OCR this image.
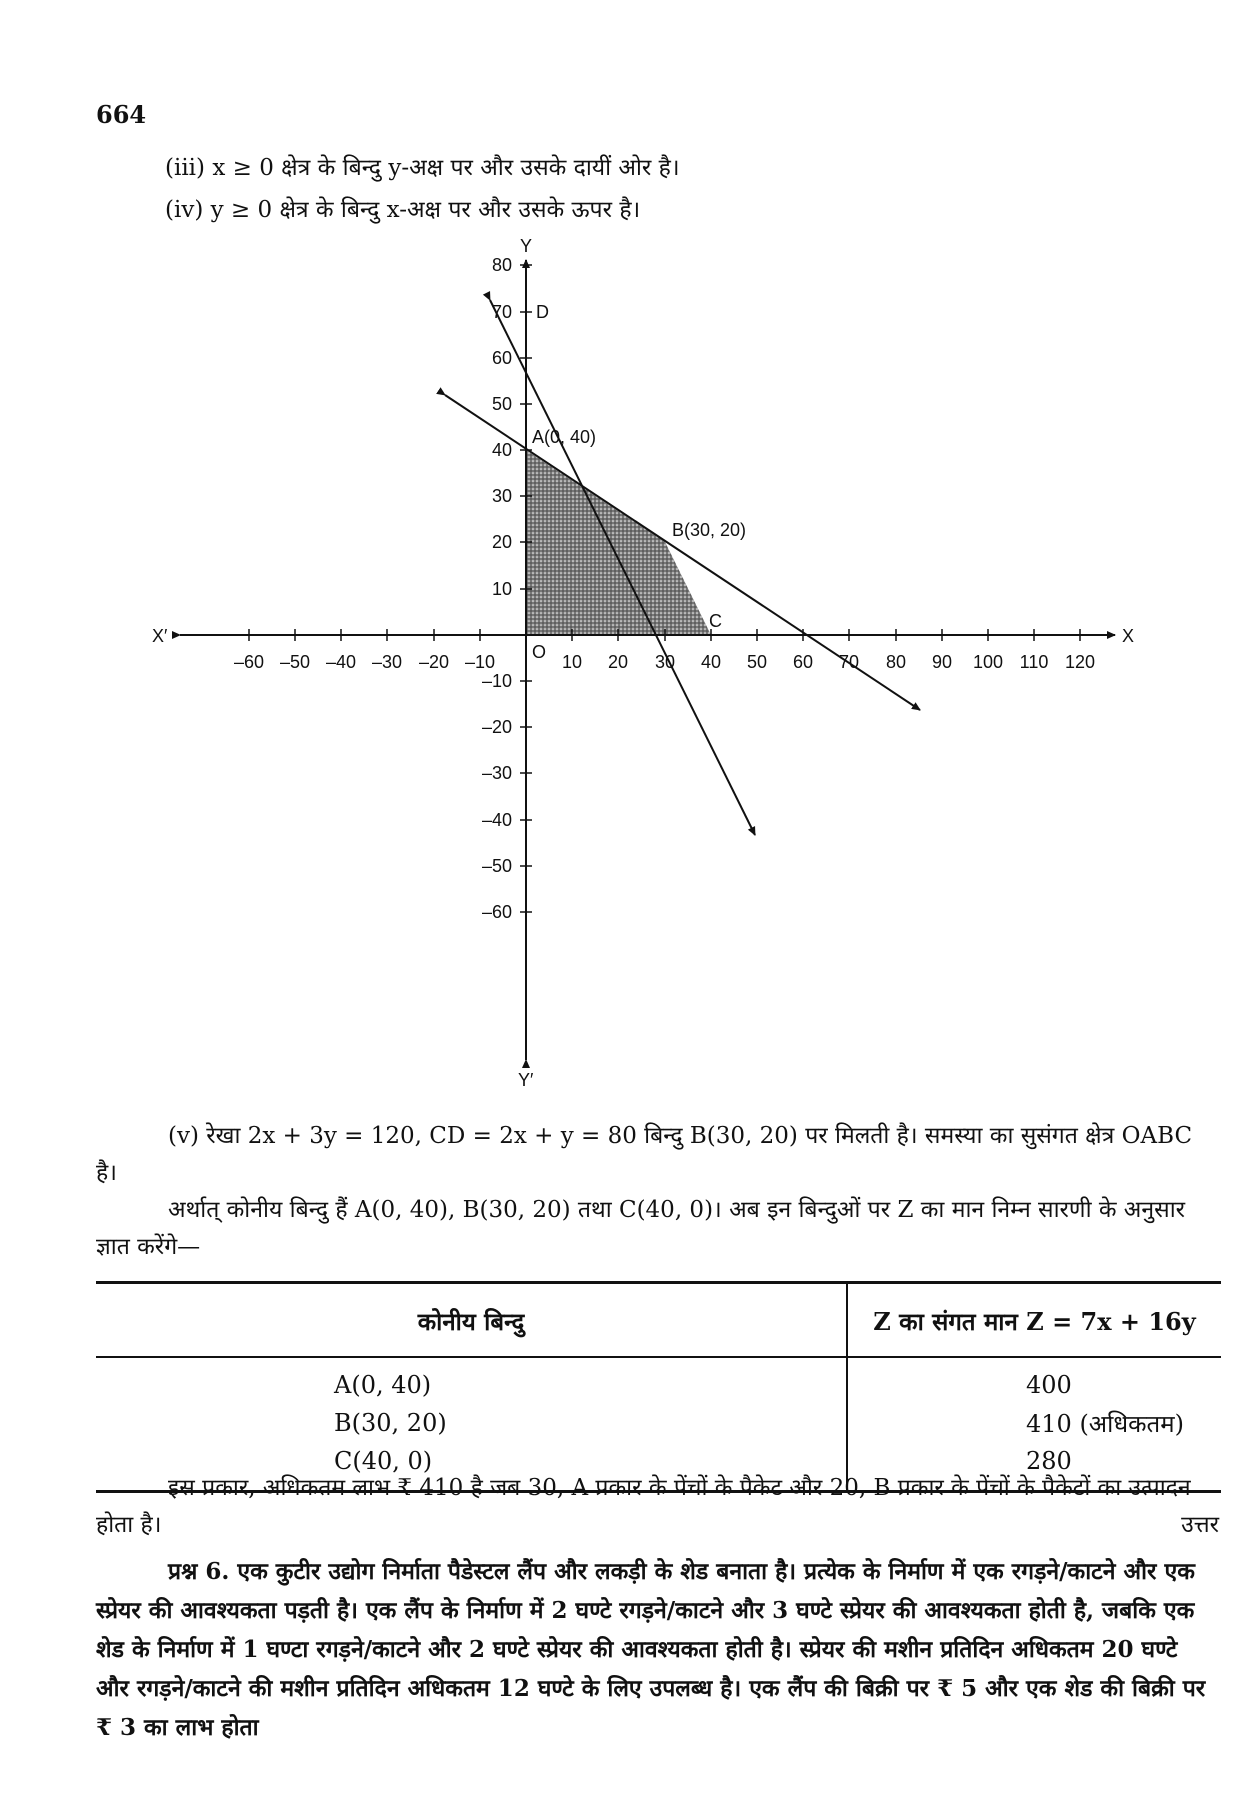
664
(iii) x ≥ 0 क्षेत्र के बिन्दु y-अक्ष पर और उसके दायीं ओर है।
(iv) y ≥ 0 क्षेत्र के बिन्दु x-अक्ष पर और उसके ऊपर है।
–60 –50 –40 –30 –20 –10	10 20 30 40 50 60 70 80 90 100 110 120
80
70
60
50
40
30
20
10
–10
–20
–30
–40
–50
–60
O
X
X′
Y
Y′
D
A(0, 40)
B(30, 20)
C
(v) रेखा 2x + 3y = 120, CD = 2x + y = 80 बिन्दु B(30, 20) पर मिलती है। समस्या का सुसंगत क्षेत्र OABC है।
अर्थात् कोनीय बिन्दु हैं A(0, 40), B(30, 20) तथा C(40, 0)। अब इन बिन्दुओं पर Z का मान निम्न सारणी के अनुसार ज्ञात करेंगे—
कोनीय बिन्दु	Z का संगत मान Z = 7x + 16y
A(0, 40)	400
B(30, 20)	410 (अधिकतम)
C(40, 0)	280
इस प्रकार, अधिकतम लाभ ₹ 410 है जब 30, A प्रकार के पेंचों के पैकेट और 20, B प्रकार के पेंचों के पैकेटों का उत्पादन होता है।	उत्तर
प्रश्न 6. एक कुटीर उद्योग निर्माता पैडेस्टल लैंप और लकड़ी के शेड बनाता है। प्रत्येक के निर्माण में एक रगड़ने/काटने और एक स्प्रेयर की आवश्यकता पड़ती है। एक लैंप के निर्माण में 2 घण्टे रगड़ने/काटने और 3 घण्टे स्प्रेयर की आवश्यकता होती है, जबकि एक शेड के निर्माण में 1 घण्टा रगड़ने/काटने और 2 घण्टे स्प्रेयर की आवश्यकता होती है। स्प्रेयर की मशीन प्रतिदिन अधिकतम 20 घण्टे और रगड़ने/काटने की मशीन प्रतिदिन अधिकतम 12 घण्टे के लिए उपलब्ध है। एक लैंप की बिक्री पर ₹ 5 और एक शेड की बिक्री पर ₹ 3 का लाभ होता
